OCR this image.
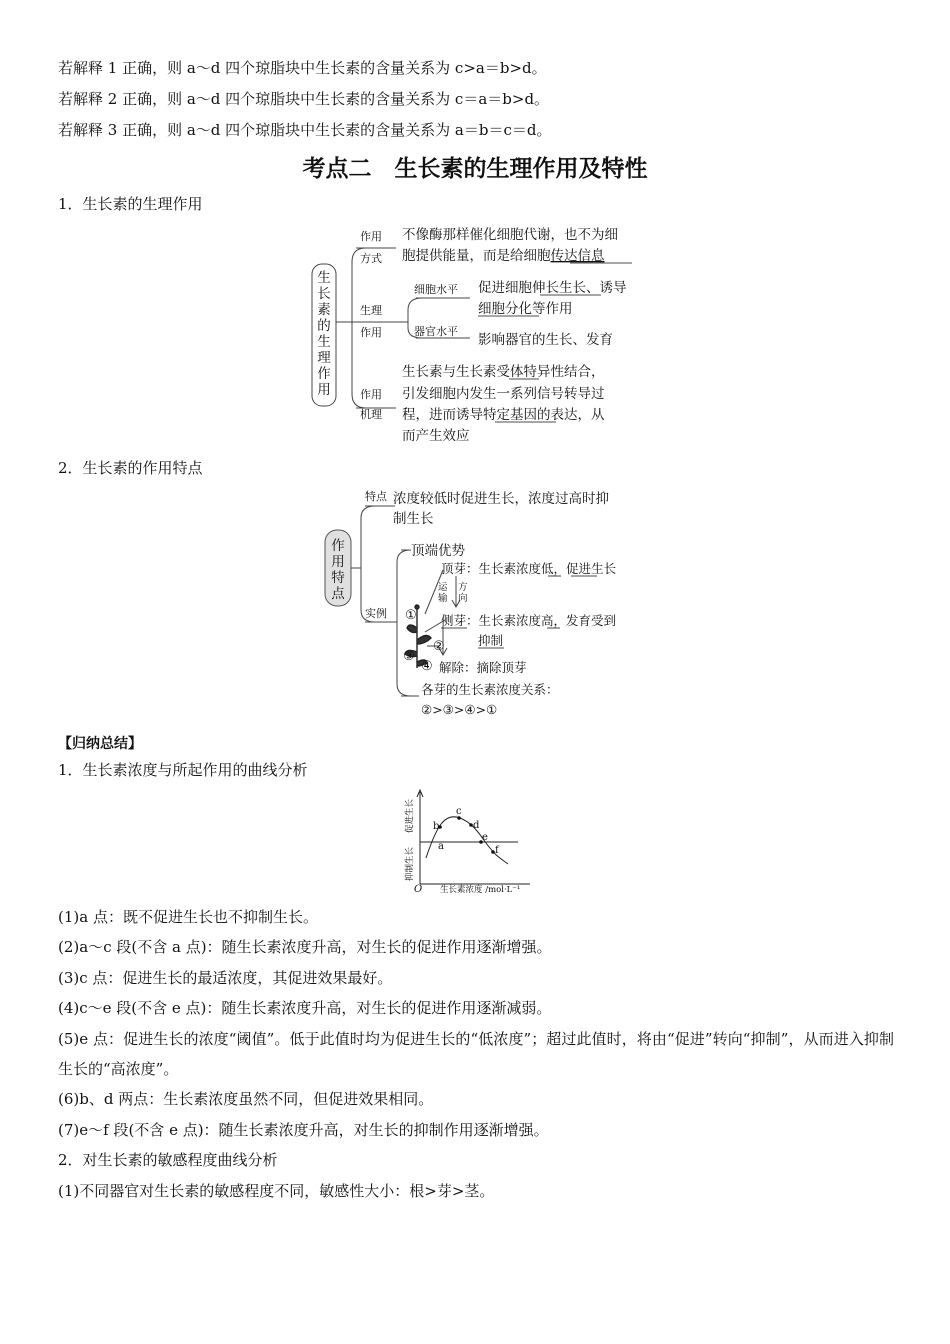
若解释 1 正确，则 a～d 四个琼脂块中生长素的含量关系为 c>a＝b>d。
若解释 2 正确，则 a～d 四个琼脂块中生长素的含量关系为 c＝a＝b>d。
若解释 3 正确，则 a～d 四个琼脂块中生长素的含量关系为 a＝b＝c＝d。
考点二　生长素的生理作用及特性
1．生长素的生理作用
生
长
素
的
生
理
作
用
作用
方式
生理
作用
细胞水平
器官水平
作用
机理
不像酶那样催化细胞代谢，也不为细
胞提供能量，而是给细胞传达信息
促进细胞伸长生长、诱导
细胞分化等作用
影响器官的生长、发育
生长素与生长素受体特异性结合，
引发细胞内发生一系列信号转导过
程，进而诱导特定基因的表达，从
而产生效应
2．生长素的作用特点
作
用
特
点
特点
实例
浓度较低时促进生长，浓度过高时抑
制生长
顶端优势
顶芽：生长素浓度低，促进生长
侧芽：生长素浓度高，发育受到
抑制
解除：摘除顶芽
各芽的生长素浓度关系：
②>③>④>①
运
输
方
向
①
②
③
④
【归纳总结】
1．生长素浓度与所起作用的曲线分析
a
b
c
d
e
f
O 生长素浓度 /mol·L⁻¹
促进生长
抑制生长
(1)a 点：既不促进生长也不抑制生长。
(2)a～c 段(不含 a 点)：随生长素浓度升高，对生长的促进作用逐渐增强。
(3)c 点：促进生长的最适浓度，其促进效果最好。
(4)c～e 段(不含 e 点)：随生长素浓度升高，对生长的促进作用逐渐减弱。
(5)e 点：促进生长的浓度“阈值”。低于此值时均为促进生长的“低浓度”；超过此值时，将由“促进”转向“抑制”，从而进入抑制生长的“高浓度”。
(6)b、d 两点：生长素浓度虽然不同，但促进效果相同。
(7)e～f 段(不含 e 点)：随生长素浓度升高，对生长的抑制作用逐渐增强。
2．对生长素的敏感程度曲线分析
(1)不同器官对生长素的敏感程度不同，敏感性大小：根>芽>茎。
